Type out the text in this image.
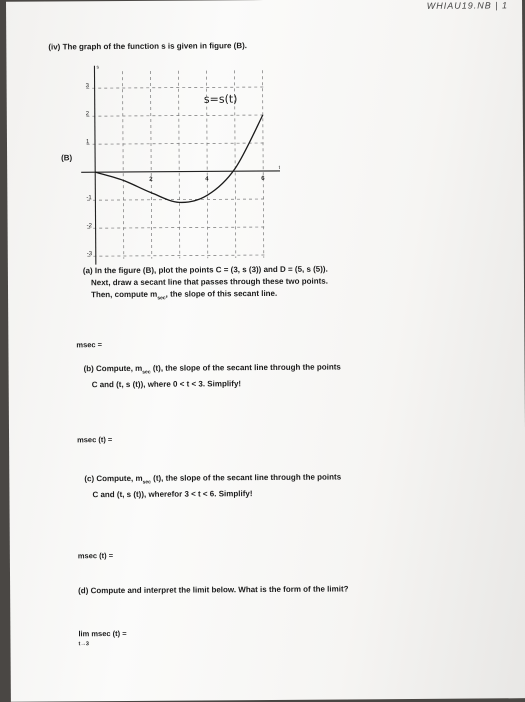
WHIAU19.NB | 1
(iv) The graph of the function s is given in figure (B).
(B)
t
s
2	4	6
3
2
1
-1
-2
-3
s=s(t)
(a) In the figure (B), plot the points C = (3, s (3)) and D = (5, s (5)).
Next, draw a secant line that passes through these two points.
Then, compute $m_{sec}$, the slope of this secant line.
msec =
(b) Compute, $m_{sec}$ (t), the slope of the secant line through the points
C and (t, s (t)), where 0 < t < 3. Simplify!
msec (t) =
(c) Compute, $m_{sec}$ (t), the slope of the secant line through the points
C and (t, s (t)), wherefor 3 < t < 6. Simplify!
msec (t) =
(d) Compute and interpret the limit below. What is the form of the limit?
lim msec (t) =
t→3
